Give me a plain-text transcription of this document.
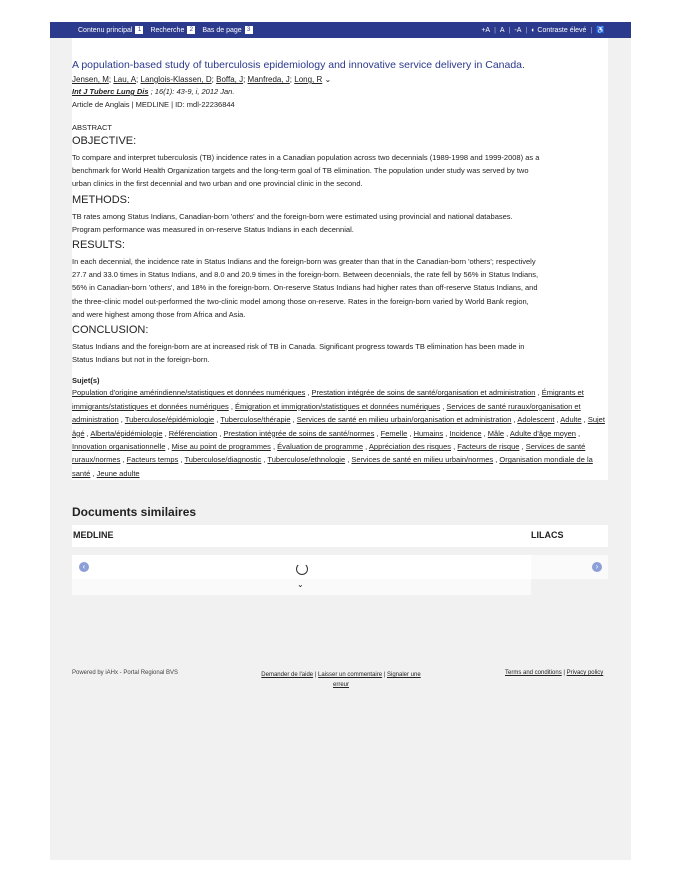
Contenu principal 1	Recherche 2	Bas de page 3	+A | A | -A | ◐ Contraste élevé | ♿
A population-based study of tuberculosis epidemiology and innovative service delivery in Canada.
Jensen, M; Lau, A; Langlois-Klassen, D; Boffa, J; Manfreda, J; Long, R ⌄
Int J Tuberc Lung Dis ; 16(1): 43-9, i, 2012 Jan.
Article de Anglais | MEDLINE | ID: mdl-22236844
ABSTRACT
OBJECTIVE:
To compare and interpret tuberculosis (TB) incidence rates in a Canadian population across two decennials (1989-1998 and 1999-2008) as a benchmark for World Health Organization targets and the long-term goal of TB elimination. The population under study was served by two urban clinics in the first decennial and two urban and one provincial clinic in the second.
METHODS:
TB rates among Status Indians, Canadian-born 'others' and the foreign-born were estimated using provincial and national databases. Program performance was measured in on-reserve Status Indians in each decennial.
RESULTS:
In each decennial, the incidence rate in Status Indians and the foreign-born was greater than that in the Canadian-born 'others'; respectively 27.7 and 33.0 times in Status Indians, and 8.0 and 20.9 times in the foreign-born. Between decennials, the rate fell by 56% in Status Indians, 56% in Canadian-born 'others', and 18% in the foreign-born. On-reserve Status Indians had higher rates than off-reserve Status Indians, and the three-clinic model out-performed the two-clinic model among those on-reserve. Rates in the foreign-born varied by World Bank region, and were highest among those from Africa and Asia.
CONCLUSION:
Status Indians and the foreign-born are at increased risk of TB in Canada. Significant progress towards TB elimination has been made in Status Indians but not in the foreign-born.
Sujet(s)
Population d'origine amérindienne/statistiques et données numériques , Prestation intégrée de soins de santé/organisation et administration , Émigrants et immigrants/statistiques et données numériques , Émigration et immigration/statistiques et données numériques , Services de santé ruraux/organisation et administration , Tuberculose/épidémiologie , Tuberculose/thérapie , Services de santé en milieu urbain/organisation et administration , Adolescent , Adulte , Sujet âgé , Alberta/épidémiologie , Référenciation , Prestation intégrée de soins de santé/normes , Femelle , Humains , Incidence , Mâle , Adulte d'âge moyen , Innovation organisationnelle , Mise au point de programmes , Évaluation de programme , Appréciation des risques , Facteurs de risque , Services de santé ruraux/normes , Facteurs temps , Tuberculose/diagnostic , Tuberculose/ethnologie , Services de santé en milieu urbain/normes , Organisation mondiale de la santé , Jeune adulte
Documents similaires
MEDLINE	LILACS
‹	›
⌄
Powered by iAHx - Portal Regional BVS	Demander de l'aide | Laisser un commentaire | Signaler une erreur
Terms and conditions | Privacy policy
